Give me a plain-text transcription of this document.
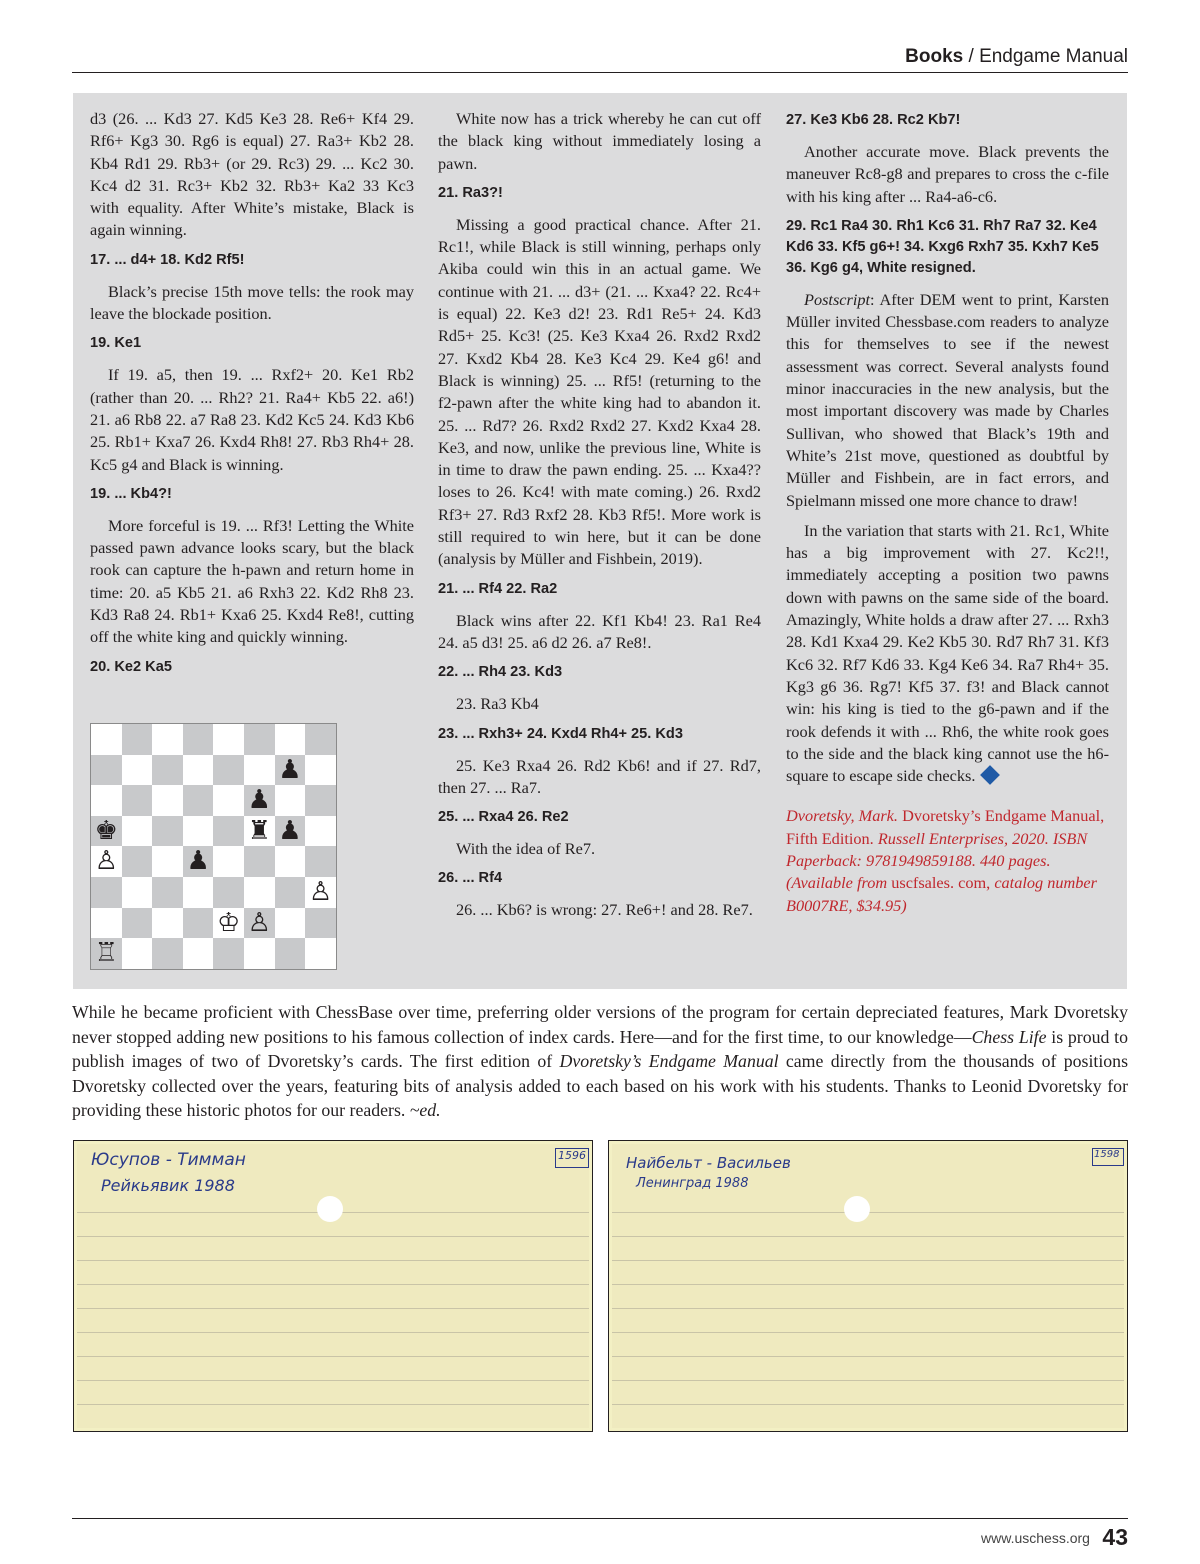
Books / Endgame Manual

d3 (26. ... Kd3 27. Kd5 Ke3 28. Re6+ Kf4 29. Rf6+ Kg3 30. Rg6 is equal) 27. Ra3+ Kb2 28. Kb4 Rd1 29. Rb3+ (or 29. Rc3) 29. ... Kc2 30. Kc4 d2 31. Rc3+ Kb2 32. Rb3+ Ka2 33 Kc3 with equality. After White’s mistake, Black is again winning.

17. ... d4+ 18. Kd2 Rf5!

Black’s precise 15th move tells: the rook may leave the blockade position.

19. Ke1

If 19. a5, then 19. ... Rxf2+ 20. Ke1 Rb2 (rather than 20. ... Rh2? 21. Ra4+ Kb5 22. a6!) 21. a6 Rb8 22. a7 Ra8 23. Kd2 Kc5 24. Kd3 Kb6 25. Rb1+ Kxa7 26. Kxd4 Rh8! 27. Rb3 Rh4+ 28. Kc5 g4 and Black is winning.

19. ... Kb4?!

More forceful is 19. ... Rf3! Letting the White passed pawn advance looks scary, but the black rook can capture the h-pawn and return home in time: 20. a5 Kb5 21. a6 Rxh3 22. Kd2 Rh8 23. Kd3 Ra8 24. Rb1+ Kxa6 25. Kxd4 Re8!, cutting off the white king and quickly winning.

20. Ke2 Ka5
♟
♟
♚	♜ ♟
♙	♟
♙
♔ ♙
♖

White now has a trick whereby he can cut off the black king without immediately losing a pawn.

21. Ra3?!

Missing a good practical chance. After 21. Rc1!, while Black is still winning, perhaps only Akiba could win this in an actual game. We continue with 21. ... d3+ (21. ... Kxa4? 22. Rc4+ is equal) 22. Ke3 d2! 23. Rd1 Re5+ 24. Kd3 Rd5+ 25. Kc3! (25. Ke3 Kxa4 26. Rxd2 Rxd2 27. Kxd2 Kb4 28. Ke3 Kc4 29. Ke4 g6! and Black is winning) 25. ... Rf5! (returning to the f2-pawn after the white king had to abandon it. 25. ... Rd7? 26. Rxd2 Rxd2 27. Kxd2 Kxa4 28. Ke3, and now, unlike the previous line, White is in time to draw the pawn ending. 25. ... Kxa4?? loses to 26. Kc4! with mate coming.) 26. Rxd2 Rf3+ 27. Rd3 Rxf2 28. Kb3 Rf5!. More work is still required to win here, but it can be done (analysis by Müller and Fishbein, 2019).

21. ... Rf4 22. Ra2

Black wins after 22. Kf1 Kb4! 23. Ra1 Re4 24. a5 d3! 25. a6 d2 26. a7 Re8!.

22. ... Rh4 23. Kd3

23. Ra3 Kb4

23. ... Rxh3+ 24. Kxd4 Rh4+ 25. Kd3

25. Ke3 Rxa4 26. Rd2 Kb6! and if 27. Rd7, then 27. ... Ra7.

25. ... Rxa4 26. Re2

With the idea of Re7.

26. ... Rf4

26. ... Kb6? is wrong: 27. Re6+! and 28. Re7.

27. Ke3 Kb6 28. Rc2 Kb7!

Another accurate move. Black prevents the maneuver Rc8-g8 and prepares to cross the c-file with his king after ... Ra4-a6-c6.

29. Rc1 Ra4 30. Rh1 Kc6 31. Rh7 Ra7 32. Ke4 Kd6 33. Kf5 g6+! 34. Kxg6 Rxh7 35. Kxh7 Ke5 36. Kg6 g4, White resigned.

Postscript: After DEM went to print, Karsten Müller invited Chessbase.com readers to analyze this for themselves to see if the newest assessment was correct. Several analysts found minor inaccuracies in the new analysis, but the most important discovery was made by Charles Sullivan, who showed that Black’s 19th and White’s 21st move, questioned as doubtful by Müller and Fishbein, are in fact errors, and Spielmann missed one more chance to draw!

In the variation that starts with 21. Rc1, White has a big improvement with 27. Kc2!!, immediately accepting a position two pawns down with pawns on the same side of the board. Amazingly, White holds a draw after 27. ... Rxh3 28. Kd1 Kxa4 29. Ke2 Kb5 30. Rd7 Rh7 31. Kf3 Kc6 32. Rf7 Kd6 33. Kg4 Ke6 34. Ra7 Rh4+ 35. Kg3 g6 36. Rg7! Kf5 37. f3! and Black cannot win: his king is tied to the g6-pawn and if the rook defends it with ... Rh6, the white rook goes to the side and the black king cannot use the h6-square to escape side checks.

Dvoretsky, Mark. Dvoretsky’s Endgame Manual, Fifth Edition. Russell Enterprises, 2020. ISBN Paperback: 9781949859188. 440 pages. (Available from uscfsales. com, catalog number B0007RE, $34.95)

While he became proficient with ChessBase over time, preferring older versions of the program for certain depreciated features, Mark Dvoretsky never stopped adding new positions to his famous collection of index cards. Here—and for the first time, to our knowledge—Chess Life is proud to publish images of two of Dvoretsky’s cards. The first edition of Dvoretsky’s Endgame Manual came directly from the thousands of positions Dvoretsky collected over the years, featuring bits of analysis added to each based on his work with his students. Thanks to Leonid Dvoretsky for providing these historic photos for our readers. ~ed.
Юсупов - Тимман
Рейкьявик 1988
1596	Найбельт - Васильев
Ленинград 1988
1598
www.uschess.org 43
